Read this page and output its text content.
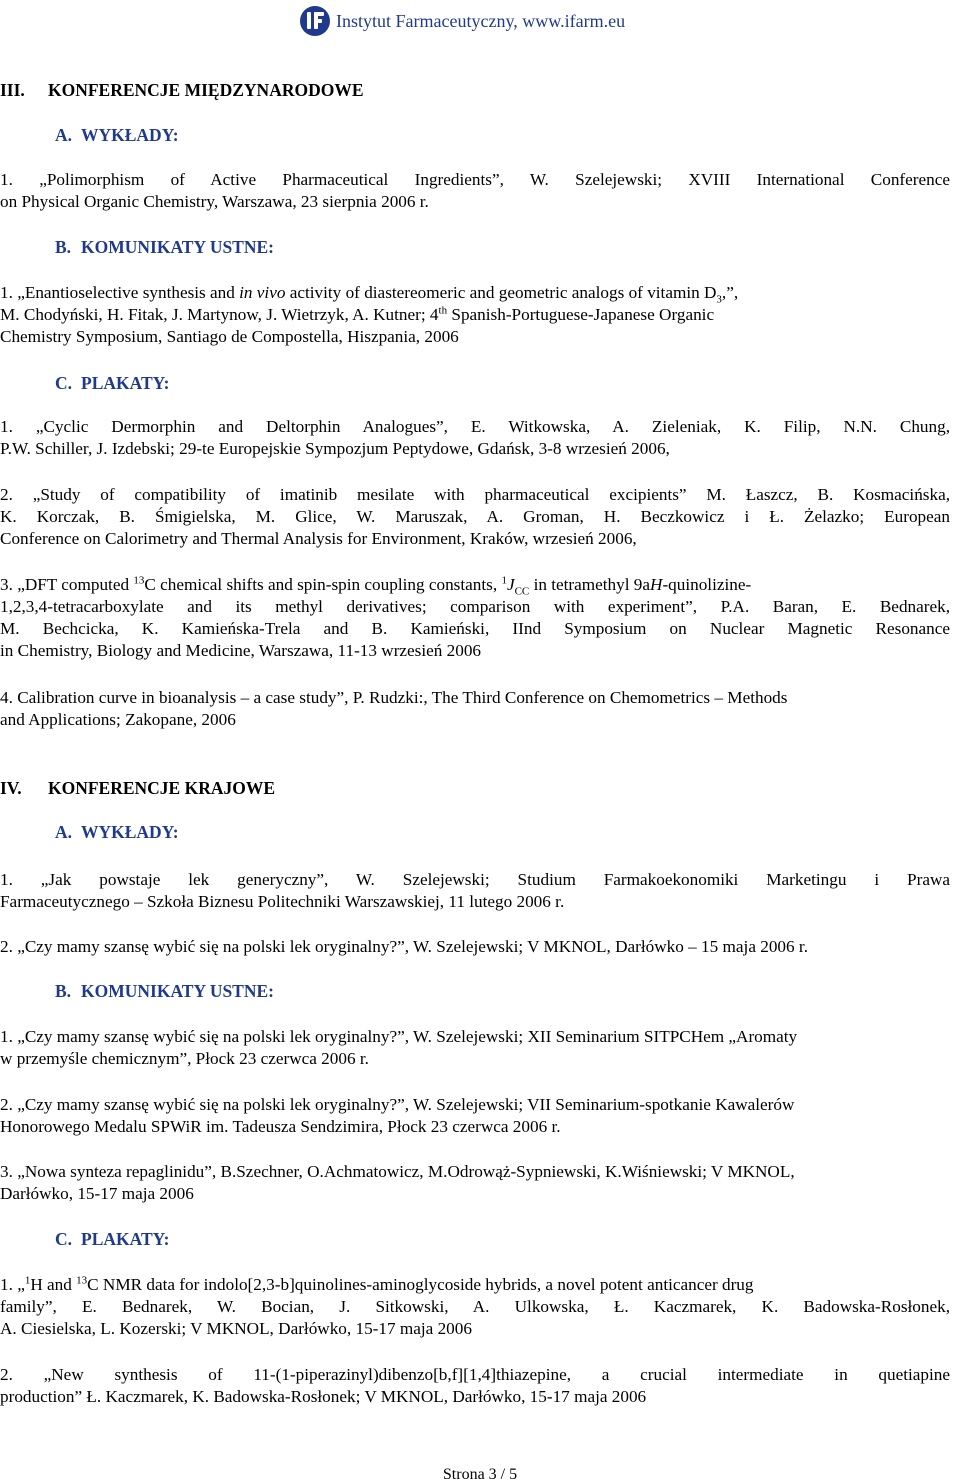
Instytut Farmaceutyczny, www.ifarm.eu
III. KONFERENCJE MIĘDZYNARODOWE
A. WYKŁADY:
1. „Polimorphism of Active Pharmaceutical Ingredients”, W. Szelejewski; XVIII International Conference
on Physical Organic Chemistry, Warszawa, 23 sierpnia 2006 r.
B. KOMUNIKATY USTNE:
1. „Enantioselective synthesis and in vivo activity of diastereomeric and geometric analogs of vitamin $D_3$,”,
M. Chodyński, H. Fitak, J. Martynow, J. Wietrzyk, A. Kutner; 4th Spanish-Portuguese-Japanese Organic
Chemistry Symposium, Santiago de Compostella, Hiszpania, 2006
C. PLAKATY:
1. „Cyclic Dermorphin and Deltorphin Analogues”, E. Witkowska, A. Zieleniak, K. Filip, N.N. Chung,
P.W. Schiller, J. Izdebski; 29-te Europejskie Sympozjum Peptydowe, Gdańsk, 3-8 wrzesień 2006,
2. „Study of compatibility of imatinib mesilate with pharmaceutical excipients” M. Łaszcz, B. Kosmacińska,
K. Korczak, B. Śmigielska, M. Glice, W. Maruszak, A. Groman, H. Beczkowicz i Ł. Żelazko; European
Conference on Calorimetry and Thermal Analysis for Environment, Kraków, wrzesień 2006,
3. „DFT computed $^{13}$C chemical shifts and spin-spin coupling constants, $^1J_{CC}$ in tetramethyl 9aH-quinolizine-
1,2,3,4-tetracarboxylate and its methyl derivatives; comparison with experiment”, P.A. Baran, E. Bednarek,
M. Bechcicka, K. Kamieńska-Trela and B. Kamieński, IInd Symposium on Nuclear Magnetic Resonance
in Chemistry, Biology and Medicine, Warszawa, 11-13 wrzesień 2006
4. Calibration curve in bioanalysis – a case study”, P. Rudzki:, The Third Conference on Chemometrics – Methods
and Applications; Zakopane, 2006
IV. KONFERENCJE KRAJOWE
A. WYKŁADY:
1. „Jak powstaje lek generyczny”, W. Szelejewski; Studium Farmakoekonomiki Marketingu i Prawa
Farmaceutycznego – Szkoła Biznesu Politechniki Warszawskiej, 11 lutego 2006 r.
2. „Czy mamy szansę wybić się na polski lek oryginalny?”, W. Szelejewski; V MKNOL, Darłówko – 15 maja 2006 r.
B. KOMUNIKATY USTNE:
1. „Czy mamy szansę wybić się na polski lek oryginalny?”, W. Szelejewski; XII Seminarium SITPCHem „Aromaty
w przemyśle chemicznym”, Płock 23 czerwca 2006 r.
2. „Czy mamy szansę wybić się na polski lek oryginalny?”, W. Szelejewski; VII Seminarium-spotkanie Kawalerów
Honorowego Medalu SPWiR im. Tadeusza Sendzimira, Płock 23 czerwca 2006 r.
3. „Nowa synteza repaglinidu”, B.Szechner, O.Achmatowicz, M.Odrowąż-Sypniewski, K.Wiśniewski; V MKNOL,
Darłówko, 15-17 maja 2006
C. PLAKATY:
1. „$^1$H and $^{13}$C NMR data for indolo[2,3-b]quinolines-aminoglycoside hybrids, a novel potent anticancer drug
family”, E. Bednarek, W. Bocian, J. Sitkowski, A. Ulkowska, Ł. Kaczmarek, K. Badowska-Rosłonek,
A. Ciesielska, L. Kozerski; V MKNOL, Darłówko, 15-17 maja 2006
2. „New synthesis of 11-(1-piperazinyl)dibenzo[b,f][1,4]thiazepine, a crucial intermediate in quetiapine
production” Ł. Kaczmarek, K. Badowska-Rosłonek; V MKNOL, Darłówko, 15-17 maja 2006
Strona 3 / 5
